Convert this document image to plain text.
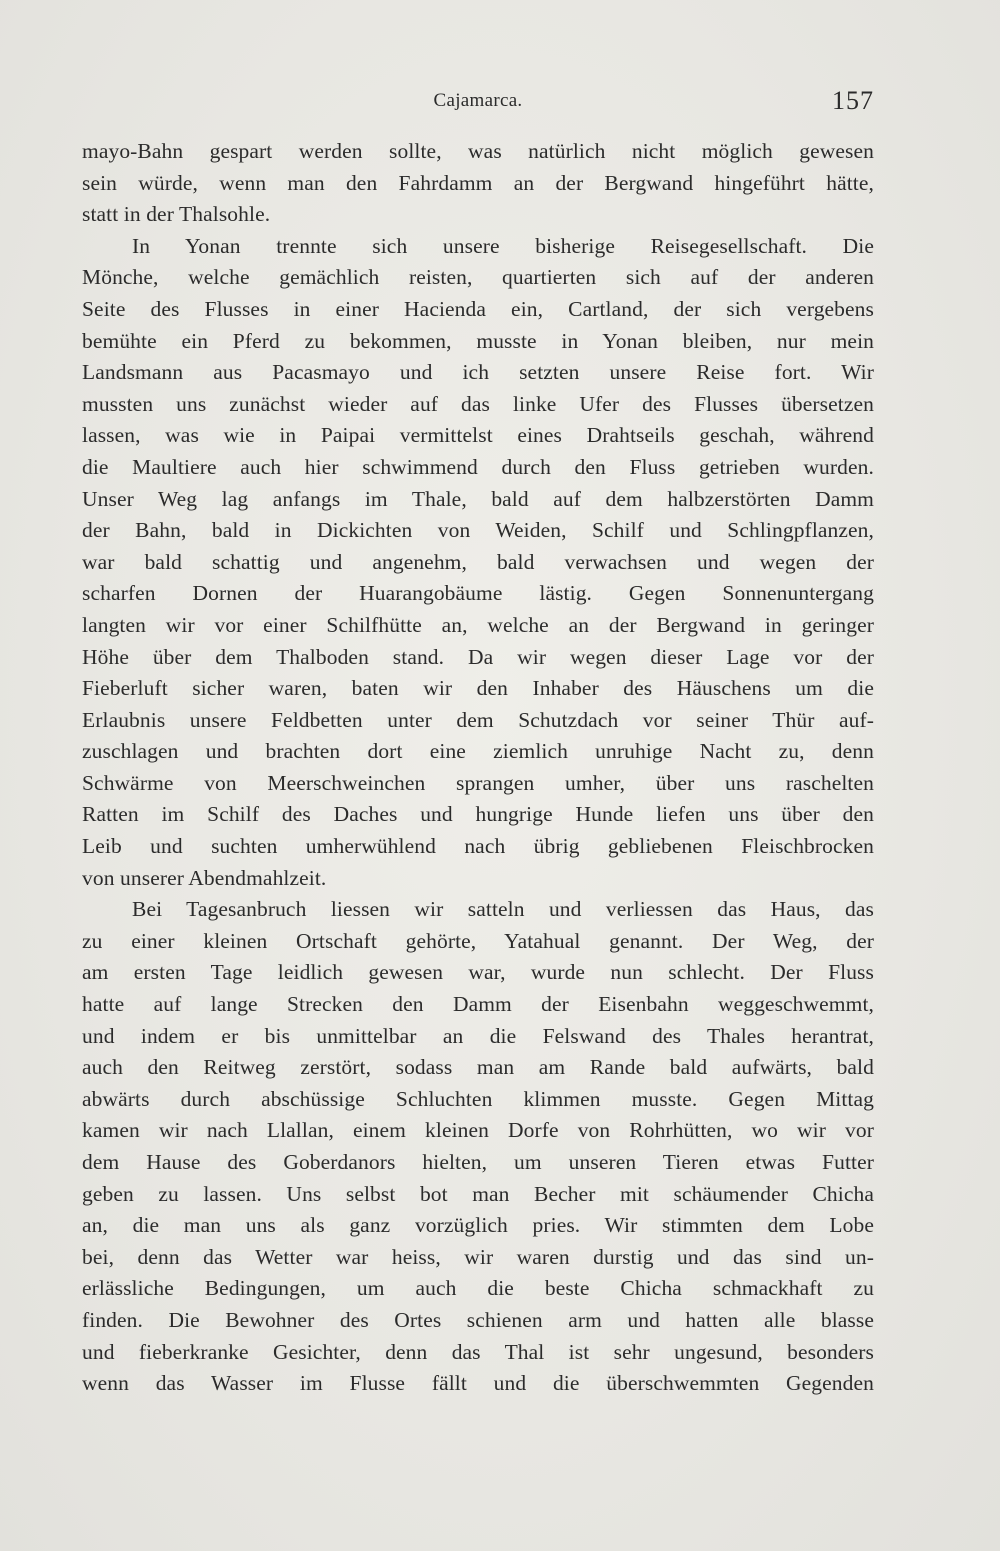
Cajamarca.	157
mayo-Bahn gespart werden sollte, was natürlich nicht möglich gewesen
sein würde, wenn man den Fahrdamm an der Bergwand hingeführt hätte,
statt in der Thalsohle.
In Yonan trennte sich unsere bisherige Reisegesellschaft. Die
Mönche, welche gemächlich reisten, quartierten sich auf der anderen
Seite des Flusses in einer Hacienda ein, Cartland, der sich vergebens
bemühte ein Pferd zu bekommen, musste in Yonan bleiben, nur mein
Landsmann aus Pacasmayo und ich setzten unsere Reise fort. Wir
mussten uns zunächst wieder auf das linke Ufer des Flusses übersetzen
lassen, was wie in Paipai vermittelst eines Drahtseils geschah, während
die Maultiere auch hier schwimmend durch den Fluss getrieben wurden.
Unser Weg lag anfangs im Thale, bald auf dem halbzerstörten Damm
der Bahn, bald in Dickichten von Weiden, Schilf und Schlingpflanzen,
war bald schattig und angenehm, bald verwachsen und wegen der
scharfen Dornen der Huarangobäume lästig. Gegen Sonnenuntergang
langten wir vor einer Schilfhütte an, welche an der Bergwand in geringer
Höhe über dem Thalboden stand. Da wir wegen dieser Lage vor der
Fieberluft sicher waren, baten wir den Inhaber des Häuschens um die
Erlaubnis unsere Feldbetten unter dem Schutzdach vor seiner Thür auf-
zuschlagen und brachten dort eine ziemlich unruhige Nacht zu, denn
Schwärme von Meerschweinchen sprangen umher, über uns raschelten
Ratten im Schilf des Daches und hungrige Hunde liefen uns über den
Leib und suchten umherwühlend nach übrig gebliebenen Fleischbrocken
von unserer Abendmahlzeit.
Bei Tagesanbruch liessen wir satteln und verliessen das Haus, das
zu einer kleinen Ortschaft gehörte, Yatahual genannt. Der Weg, der
am ersten Tage leidlich gewesen war, wurde nun schlecht. Der Fluss
hatte auf lange Strecken den Damm der Eisenbahn weggeschwemmt,
und indem er bis unmittelbar an die Felswand des Thales herantrat,
auch den Reitweg zerstört, sodass man am Rande bald aufwärts, bald
abwärts durch abschüssige Schluchten klimmen musste. Gegen Mittag
kamen wir nach Llallan, einem kleinen Dorfe von Rohrhütten, wo wir vor
dem Hause des Goberdanors hielten, um unseren Tieren etwas Futter
geben zu lassen. Uns selbst bot man Becher mit schäumender Chicha
an, die man uns als ganz vorzüglich pries. Wir stimmten dem Lobe
bei, denn das Wetter war heiss, wir waren durstig und das sind un-
erlässliche Bedingungen, um auch die beste Chicha schmackhaft zu
finden. Die Bewohner des Ortes schienen arm und hatten alle blasse
und fieberkranke Gesichter, denn das Thal ist sehr ungesund, besonders
wenn das Wasser im Flusse fällt und die überschwemmten Gegenden
